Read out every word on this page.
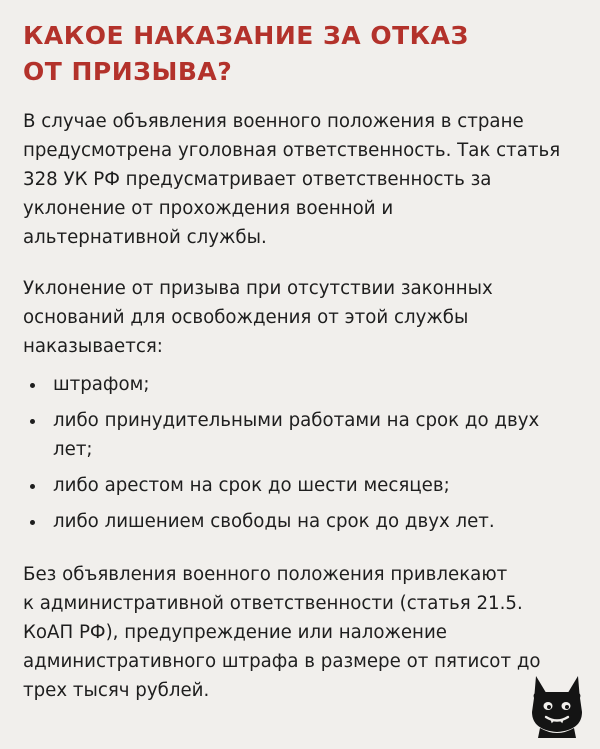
КАКОЕ НАКАЗАНИЕ ЗА ОТКАЗ
ОТ ПРИЗЫВА?

В случае объявления военного положения в стране
предусмотрена уголовная ответственность. Так статья
328 УК РФ предусматривает ответственность за
уклонение от прохождения военной и
альтернативной службы.

Уклонение от призыва при отсутствии законных
оснований для освобождения от этой службы
наказывается:

штрафом;
либо принудительными работами на срок до двух
лет;
либо арестом на срок до шести месяцев;
либо лишением свободы на срок до двух лет.

Без объявления военного положения привлекают
к административной ответственности (статья 21.5.
КоАП РФ), предупреждение или наложение
административного штрафа в размере от пятисот до
трех тысяч рублей.
